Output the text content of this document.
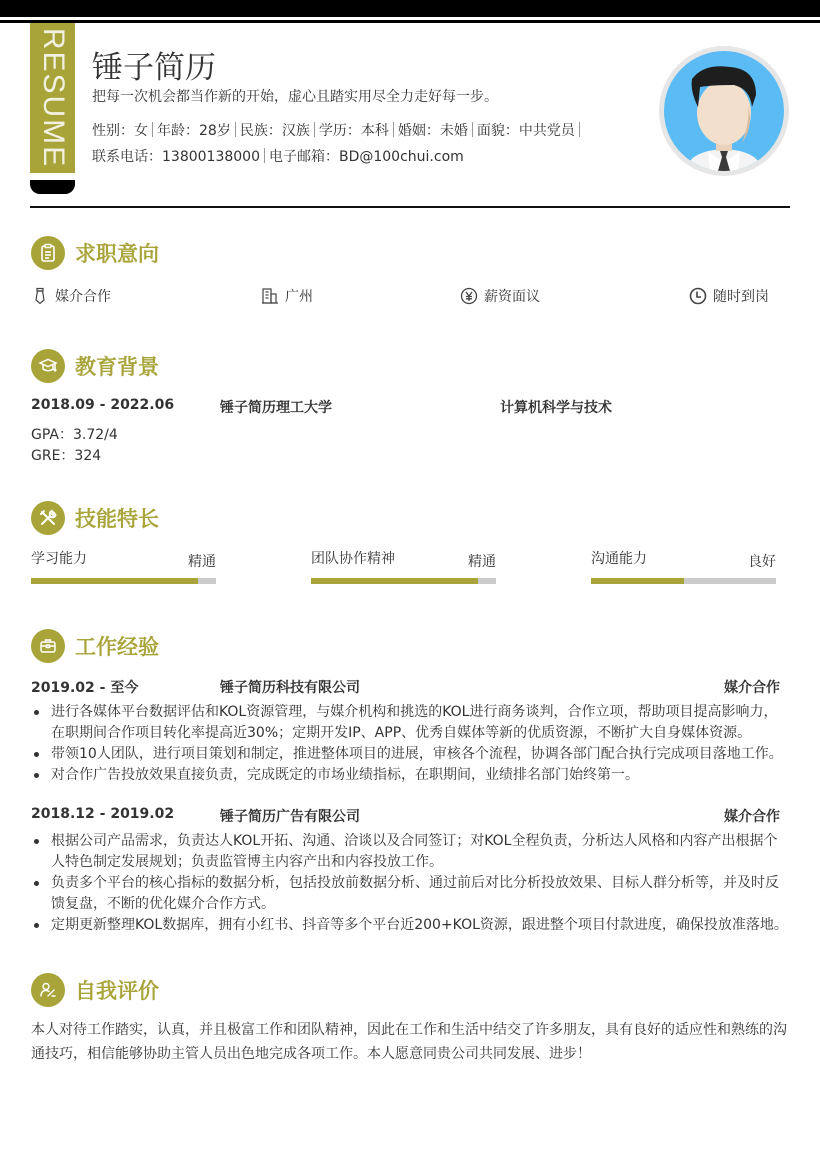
RESUME 锤子简历
把每一次机会都当作新的开始，虚心且踏实用尽全力走好每一步。
性别：女 年龄：28岁 民族：汉族 学历：本科 婚姻：未婚 面貌：中共党员
联系电话：13800138000 电子邮箱：BD@100chui.com
求职意向
媒介合作	广州	薪资面议	随时到岗
教育背景
2018.09 - 2022.06	锤子简历理工大学	计算机科学与技术
GPA：3.72/4
GRE：324
技能特长
学习能力	精通	团队协作精神	精通	沟通能力	良好
工作经验
2019.02 - 至今	锤子简历科技有限公司	媒介合作
进行各媒体平台数据评估和KOL资源管理，与媒介机构和挑选的KOL进行商务谈判，合作立项，帮助项目提高影响力，在职期间合作项目转化率提高近30%；定期开发IP、APP、优秀自媒体等新的优质资源，不断扩大自身媒体资源。
带领10人团队，进行项目策划和制定，推进整体项目的进展，审核各个流程，协调各部门配合执行完成项目落地工作。
对合作广告投放效果直接负责，完成既定的市场业绩指标，在职期间，业绩排名部门始终第一。
2018.12 - 2019.02	锤子简历广告有限公司	媒介合作
根据公司产品需求，负责达人KOL开拓、沟通、洽谈以及合同签订；对KOL全程负责，分析达人风格和内容产出根据个人特色制定发展规划；负责监管博主内容产出和内容投放工作。
负责多个平台的核心指标的数据分析，包括投放前数据分析、通过前后对比分析投放效果、目标人群分析等，并及时反馈复盘，不断的优化媒介合作方式。
定期更新整理KOL数据库，拥有小红书、抖音等多个平台近200+KOL资源，跟进整个项目付款进度，确保投放准落地。
自我评价
本人对待工作踏实，认真，并且极富工作和团队精神，因此在工作和生活中结交了许多朋友，具有良好的适应性和熟练的沟通技巧，相信能够协助主管人员出色地完成各项工作。本人愿意同贵公司共同发展、进步！
